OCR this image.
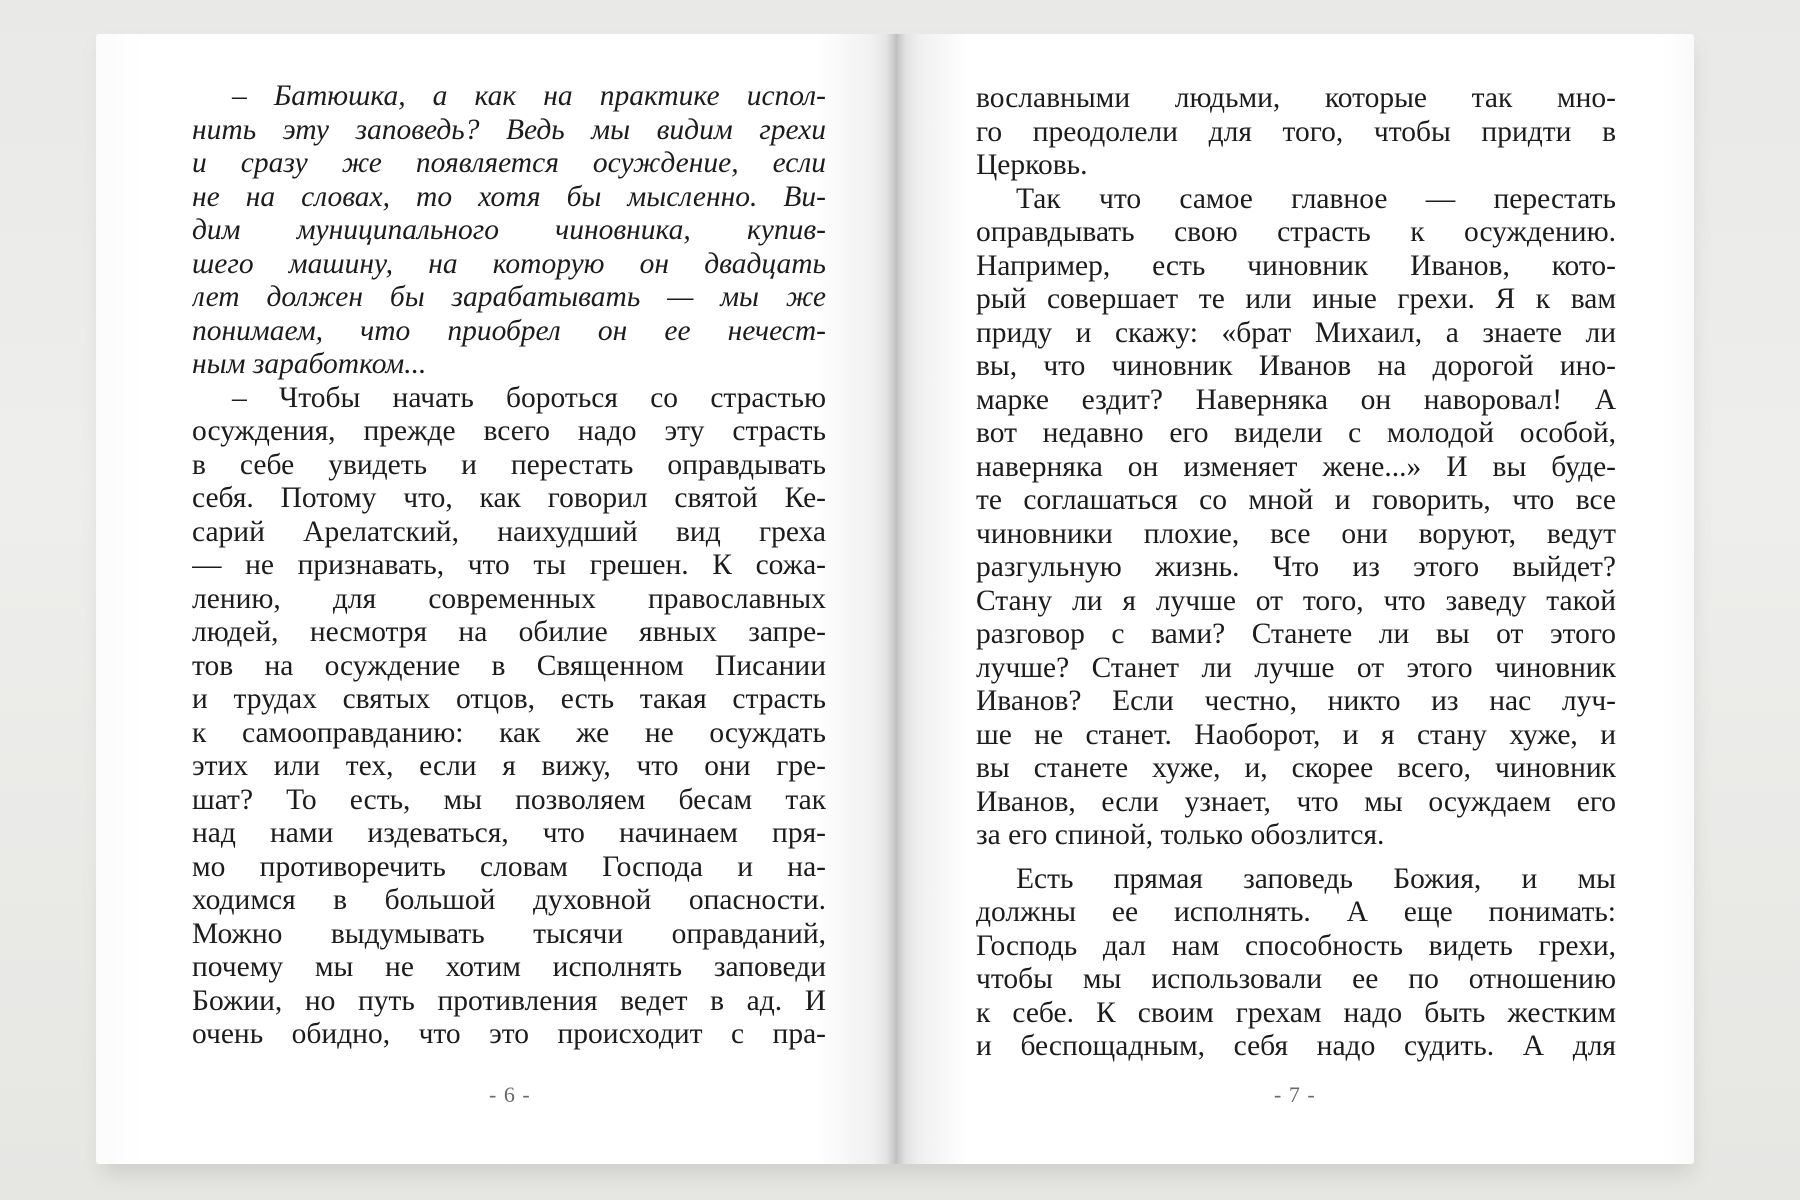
– Батюшка, а как на практике испол-
нить эту заповедь? Ведь мы видим грехи
и сразу же появляется осуждение, если
не на словах, то хотя бы мысленно. Ви-
дим муниципального чиновника, купив-
шего машину, на которую он двадцать
лет должен бы зарабатывать — мы же
понимаем, что приобрел он ее нечест-
ным заработком...
– Чтобы начать бороться со страстью
осуждения, прежде всего надо эту страсть
в себе увидеть и перестать оправдывать
себя. Потому что, как говорил святой Ке-
сарий Арелатский, наихудший вид греха
— не признавать, что ты грешен. К сожа-
лению, для современных православных
людей, несмотря на обилие явных запре-
тов на осуждение в Священном Писании
и трудах святых отцов, есть такая страсть
к самооправданию: как же не осуждать
этих или тех, если я вижу, что они гре-
шат? То есть, мы позволяем бесам так
над нами издеваться, что начинаем пря-
мо противоречить словам Господа и на-
ходимся в большой духовной опасности.
Можно выдумывать тысячи оправданий,
почему мы не хотим исполнять заповеди
Божии, но путь противления ведет в ад. И
очень обидно, что это происходит с пра-
- 6 -
вославными людьми, которые так мно-
го преодолели для того, чтобы придти в
Церковь.
Так что самое главное — перестать
оправдывать свою страсть к осуждению.
Например, есть чиновник Иванов, кото-
рый совершает те или иные грехи. Я к вам
приду и скажу: «брат Михаил, а знаете ли
вы, что чиновник Иванов на дорогой ино-
марке ездит? Наверняка он наворовал! А
вот недавно его видели с молодой особой,
наверняка он изменяет жене...» И вы буде-
те соглашаться со мной и говорить, что все
чиновники плохие, все они воруют, ведут
разгульную жизнь. Что из этого выйдет?
Стану ли я лучше от того, что заведу такой
разговор с вами? Станете ли вы от этого
лучше? Станет ли лучше от этого чиновник
Иванов? Если честно, никто из нас луч-
ше не станет. Наоборот, и я стану хуже, и
вы станете хуже, и, скорее всего, чиновник
Иванов, если узнает, что мы осуждаем его
за его спиной, только обозлится.
Есть прямая заповедь Божия, и мы
должны ее исполнять. А еще понимать:
Господь дал нам способность видеть грехи,
чтобы мы использовали ее по отношению
к себе. К своим грехам надо быть жестким
и беспощадным, себя надо судить. А для
- 7 -
